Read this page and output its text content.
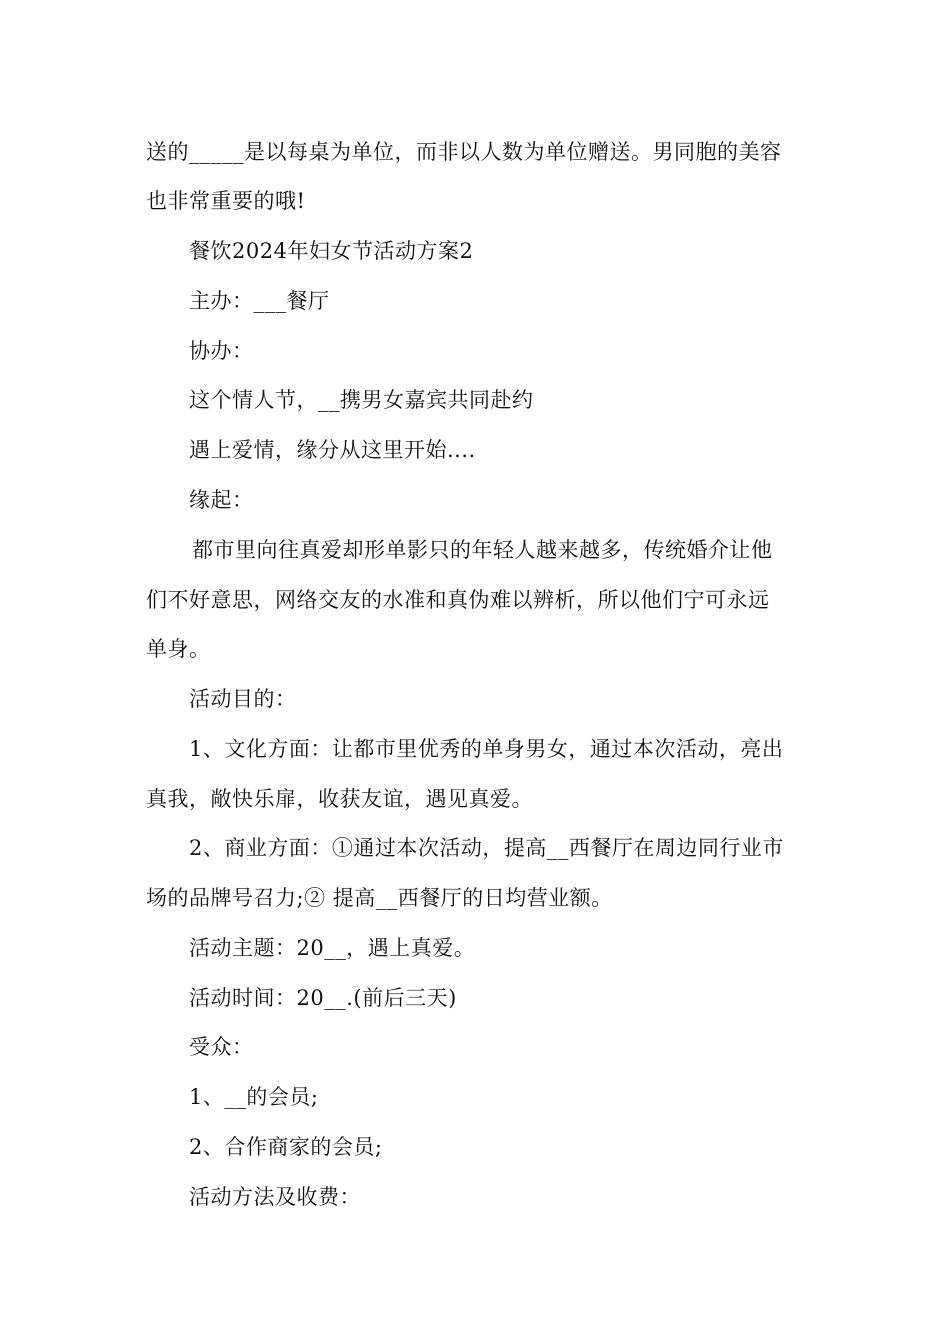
送的_____是以每桌为单位，而非以人数为单位赠送。男同胞的美容
也非常重要的哦!
餐饮2024年妇女节活动方案2
主办：___餐厅
协办：
这个情人节，__携男女嘉宾共同赴约
遇上爱情，缘分从这里开始....
缘起：
都市里向往真爱却形单影只的年轻人越来越多，传统婚介让他
们不好意思，网络交友的水准和真伪难以辨析，所以他们宁可永远
单身。
活动目的：
1、文化方面：让都市里优秀的单身男女，通过本次活动，亮出
真我，敞快乐扉，收获友谊，遇见真爱。
2、商业方面：①通过本次活动，提高__西餐厅在周边同行业市
场的品牌号召力;② 提高__西餐厅的日均营业额。
活动主题：20__，遇上真爱。
活动时间：20__.(前后三天)
受众：
1、__的会员;
2、合作商家的会员;
活动方法及收费：
